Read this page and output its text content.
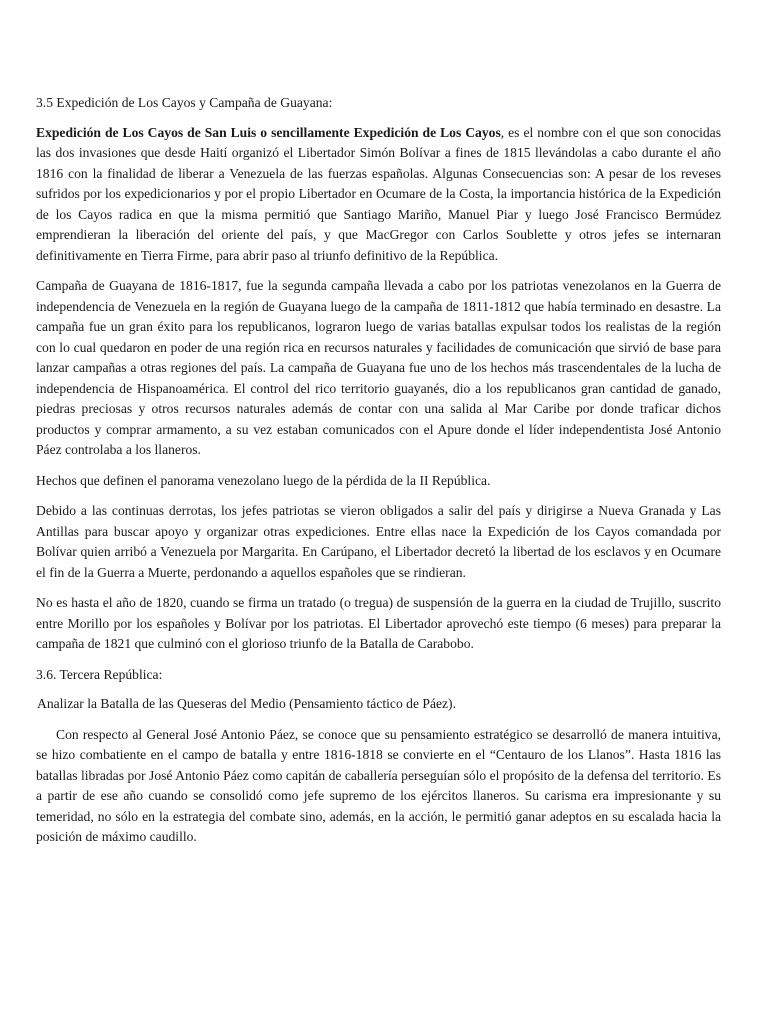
3.5 Expedición de Los Cayos y Campaña de Guayana:

Expedición de Los Cayos de San Luis o sencillamente Expedición de Los Cayos, es el nombre con el que son conocidas las dos invasiones que desde Haití organizó el Libertador Simón Bolívar a fines de 1815 llevándolas a cabo durante el año 1816 con la finalidad de liberar a Venezuela de las fuerzas españolas. Algunas Consecuencias son: A pesar de los reveses sufridos por los expedicionarios y por el propio Libertador en Ocumare de la Costa, la importancia histórica de la Expedición de los Cayos radica en que la misma permitió que Santiago Mariño, Manuel Piar y luego José Francisco Bermúdez emprendieran la liberación del oriente del país, y que MacGregor con Carlos Soublette y otros jefes se internaran definitivamente en Tierra Firme, para abrir paso al triunfo definitivo de la República.

Campaña de Guayana de 1816-1817, fue la segunda campaña llevada a cabo por los patriotas venezolanos en la Guerra de independencia de Venezuela en la región de Guayana luego de la campaña de 1811-1812 que había terminado en desastre. La campaña fue un gran éxito para los republicanos, lograron luego de varias batallas expulsar todos los realistas de la región con lo cual quedaron en poder de una región rica en recursos naturales y facilidades de comunicación que sirvió de base para lanzar campañas a otras regiones del país. La campaña de Guayana fue uno de los hechos más trascendentales de la lucha de independencia de Hispanoamérica. El control del rico territorio guayanés, dio a los republicanos gran cantidad de ganado, piedras preciosas y otros recursos naturales además de contar con una salida al Mar Caribe por donde traficar dichos productos y comprar armamento, a su vez estaban comunicados con el Apure donde el líder independentista José Antonio Páez controlaba a los llaneros.

Hechos que definen el panorama venezolano luego de la pérdida de la II República.

Debido a las continuas derrotas, los jefes patriotas se vieron obligados a salir del país y dirigirse a Nueva Granada y Las Antillas para buscar apoyo y organizar otras expediciones. Entre ellas nace la Expedición de los Cayos comandada por Bolívar quien arribó a Venezuela por Margarita. En Carúpano, el Libertador decretó la libertad de los esclavos y en Ocumare el fin de la Guerra a Muerte, perdonando a aquellos españoles que se rindieran.

No es hasta el año de 1820, cuando se firma un tratado (o tregua) de suspensión de la guerra en la ciudad de Trujillo, suscrito entre Morillo por los españoles y Bolívar por los patriotas. El Libertador aprovechó este tiempo (6 meses) para preparar la campaña de 1821 que culminó con el glorioso triunfo de la Batalla de Carabobo.

3.6. Tercera República:

Analizar la Batalla de las Queseras del Medio (Pensamiento táctico de Páez).

Con respecto al General José Antonio Páez, se conoce que su pensamiento estratégico se desarrolló de manera intuitiva, se hizo combatiente en el campo de batalla y entre 1816-1818 se convierte en el “Centauro de los Llanos”. Hasta 1816 las batallas libradas por José Antonio Páez como capitán de caballería perseguían sólo el propósito de la defensa del territorio. Es a partir de ese año cuando se consolidó como jefe supremo de los ejércitos llaneros. Su carisma era impresionante y su temeridad, no sólo en la estrategia del combate sino, además, en la acción, le permitió ganar adeptos en su escalada hacia la posición de máximo caudillo.
